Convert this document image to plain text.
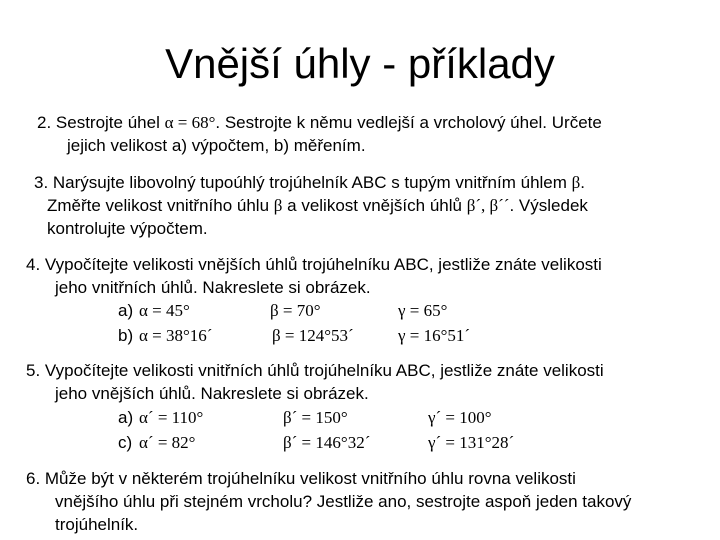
Vnější úhly - příklady
2. Sestrojte úhel α = 68°. Sestrojte k němu vedlejší a vrcholový úhel. Určete
jejich velikost a) výpočtem, b) měřením.
3. Narýsujte libovolný tupoúhlý trojúhelník ABC s tupým vnitřním úhlem β.
Změřte velikost vnitřního úhlu β a velikost vnějších úhlů β´, β´´. Výsledek
kontrolujte výpočtem.
4. Vypočítejte velikosti vnějších úhlů trojúhelníku ABC, jestliže znáte velikosti
jeho vnitřních úhlů. Nakreslete si obrázek.
a) α = 45°	β = 70°	γ = 65°
b) α = 38°16´	β = 124°53´	γ = 16°51´
5. Vypočítejte velikosti vnitřních úhlů trojúhelníku ABC, jestliže znáte velikosti
jeho vnějších úhlů. Nakreslete si obrázek.
a) α´ = 110°	β´ = 150°	γ´ = 100°
c) α´ = 82°	β´ = 146°32´	γ´ = 131°28´
6. Může být v některém trojúhelníku velikost vnitřního úhlu rovna velikosti
vnějšího úhlu při stejném vrcholu? Jestliže ano, sestrojte aspoň jeden takový
trojúhelník.
